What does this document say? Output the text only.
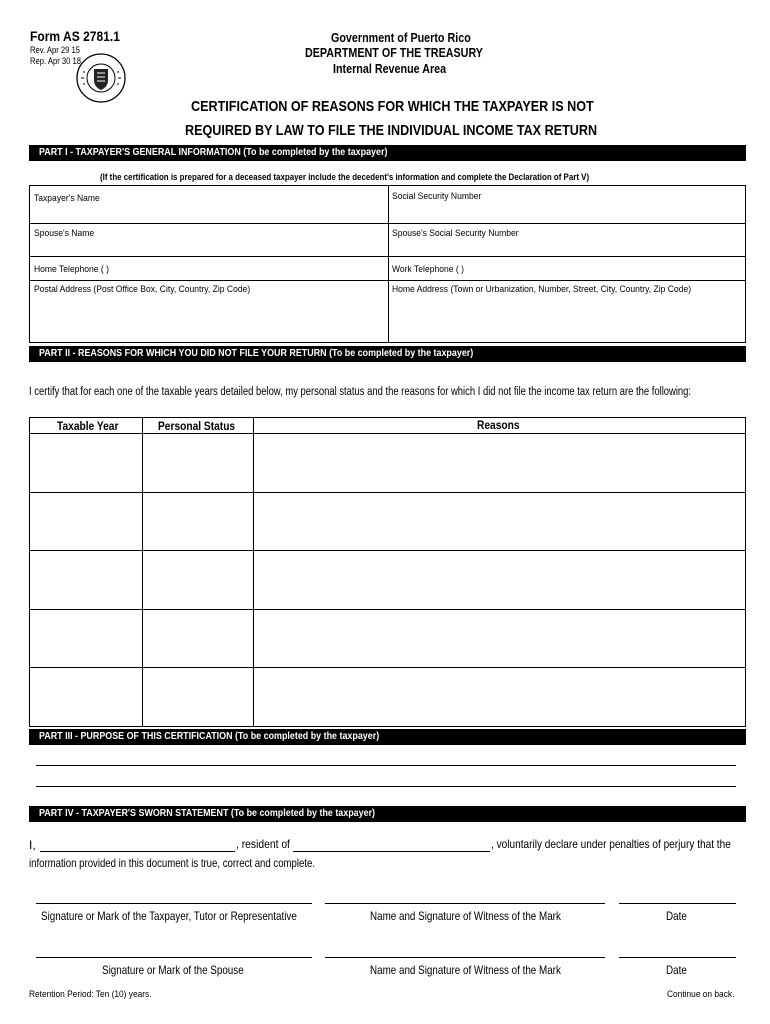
Form AS 2781.1
Rev. Apr 29 15
Rep. Apr 30 18
Government of Puerto Rico
DEPARTMENT OF THE TREASURY
Internal Revenue Area
CERTIFICATION OF REASONS FOR WHICH THE TAXPAYER IS NOT
REQUIRED BY LAW TO FILE THE INDIVIDUAL INCOME TAX RETURN
PART I - TAXPAYER'S GENERAL INFORMATION (To be completed by the taxpayer)
(If the certification is prepared for a deceased taxpayer include the decedent's information and complete the Declaration of Part V)
Taxpayer's Name	Social Security Number
Spouse's Name	Spouse's Social Security Number
Home Telephone ( )	Work Telephone ( )
Postal Address (Post Office Box, City, Country, Zip Code)	Home Address (Town or Urbanization, Number, Street, City, Country, Zip Code)
PART II - REASONS FOR WHICH YOU DID NOT FILE YOUR RETURN (To be completed by the taxpayer)
I certify that for each one of the taxable years detailed below, my personal status and the reasons for which I did not file the income tax return are the following:
Taxable Year	Personal Status	Reasons
PART III - PURPOSE OF THIS CERTIFICATION (To be completed by the taxpayer)
PART IV - TAXPAYER'S SWORN STATEMENT (To be completed by the taxpayer)
I,	, resident of	, voluntarily declare under penalties of perjury that the
information provided in this document is true, correct and complete.
Signature or Mark of the Taxpayer, Tutor or Representative	Name and Signature of Witness of the Mark	Date
Signature or Mark of the Spouse	Name and Signature of Witness of the Mark	Date
Retention Period: Ten (10) years.	Continue on back.
